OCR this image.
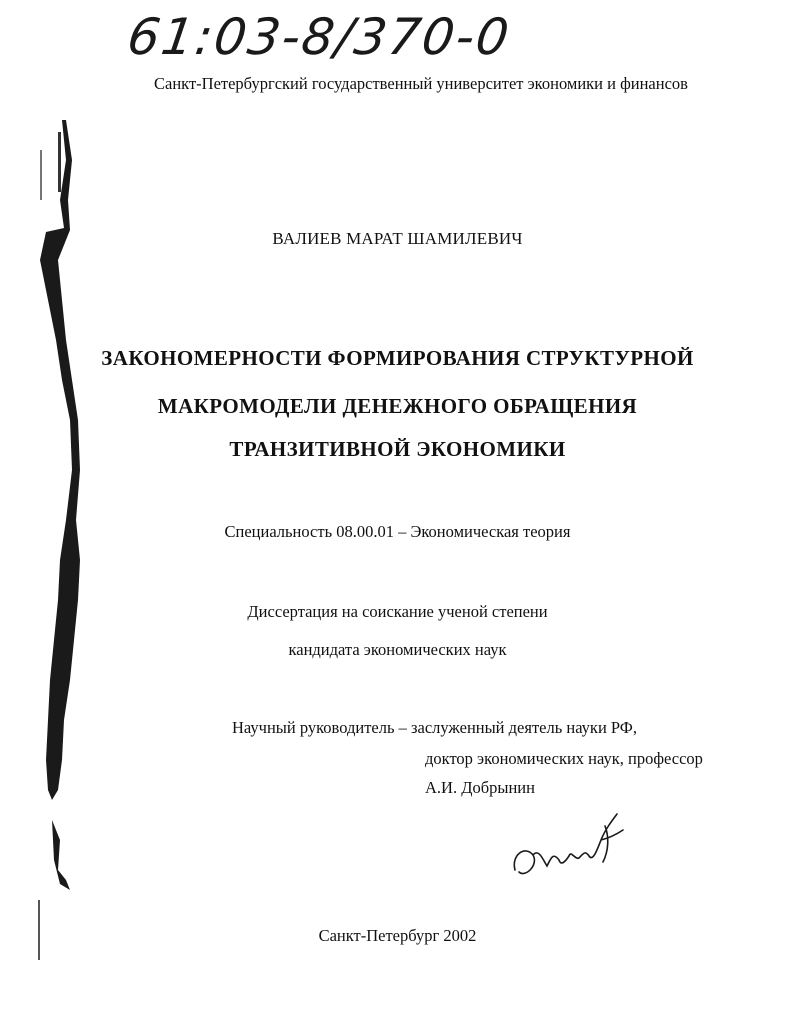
61:03-8/370-0
Санкт-Петербургский государственный университет экономики и финансов
ВАЛИЕВ МАРАТ ШАМИЛЕВИЧ
ЗАКОНОМЕРНОСТИ ФОРМИРОВАНИЯ СТРУКТУРНОЙ
МАКРОМОДЕЛИ ДЕНЕЖНОГО ОБРАЩЕНИЯ
ТРАНЗИТИВНОЙ ЭКОНОМИКИ
Специальность 08.00.01 – Экономическая теория
Диссертация на соискание ученой степени
кандидата экономических наук
Научный руководитель – заслуженный деятель науки РФ,
доктор экономических наук, профессор
А.И. Добрынин
Санкт-Петербург 2002
